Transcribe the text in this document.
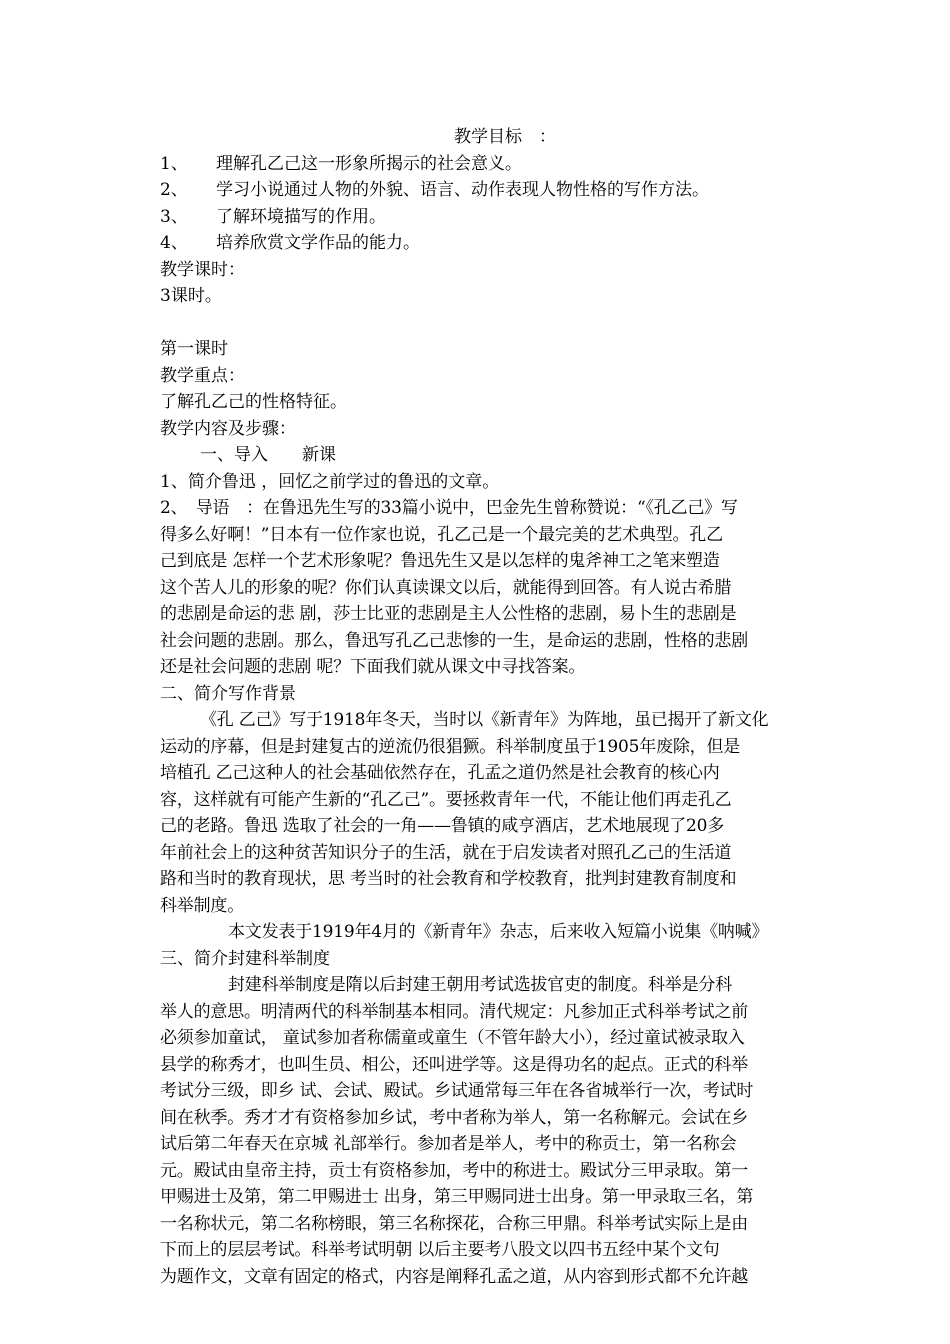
教学目标　：
1、 理解孔乙己这一形象所揭示的社会意义。
2、 学习小说通过人物的外貌、语言、动作表现人物性格的写作方法。
3、 了解环境描写的作用。
4、 培养欣赏文学作品的能力。
教学课时：
3课时。
第一课时
教学重点：
了解孔乙己的性格特征。
教学内容及步骤：
一、导入　　新课
1、简介鲁迅 ，回忆之前学过的鲁迅的文章。
2、　导语　：在鲁迅先生写的33篇小说中，巴金先生曾称赞说：“《孔乙己》写
得多么好啊！”日本有一位作家也说，孔乙己是一个最完美的艺术典型。孔乙
己到底是 怎样一个艺术形象呢？鲁迅先生又是以怎样的鬼斧神工之笔来塑造
这个苦人儿的形象的呢？你们认真读课文以后，就能得到回答。有人说古希腊
的悲剧是命运的悲 剧，莎士比亚的悲剧是主人公性格的悲剧，易卜生的悲剧是
社会问题的悲剧。那么，鲁迅写孔乙己悲惨的一生，是命运的悲剧，性格的悲剧
还是社会问题的悲剧 呢？下面我们就从课文中寻找答案。
二、简介写作背景
《孔 乙己》写于1918年冬天，当时以《新青年》为阵地，虽已揭开了新文化
运动的序幕，但是封建复古的逆流仍很猖獗。科举制度虽于1905年废除，但是
培植孔 乙己这种人的社会基础依然存在，孔孟之道仍然是社会教育的核心内
容，这样就有可能产生新的“孔乙己”。要拯救青年一代，不能让他们再走孔乙
己的老路。鲁迅 选取了社会的一角——鲁镇的咸亨酒店，艺术地展现了20多
年前社会上的这种贫苦知识分子的生活，就在于启发读者对照孔乙己的生活道
路和当时的教育现状，思 考当时的社会教育和学校教育，批判封建教育制度和
科举制度。
本文发表于1919年4月的《新青年》杂志，后来收入短篇小说集《呐喊》
三、简介封建科举制度
封建科举制度是隋以后封建王朝用考试选拔官吏的制度。科举是分科
举人的意思。明清两代的科举制基本相同。清代规定：凡参加正式科举考试之前
必须参加童试， 童试参加者称儒童或童生（不管年龄大小），经过童试被录取入
县学的称秀才，也叫生员、相公，还叫进学等。这是得功名的起点。正式的科举
考试分三级，即乡 试、会试、殿试。乡试通常每三年在各省城举行一次，考试时
间在秋季。秀才才有资格参加乡试，考中者称为举人，第一名称解元。会试在乡
试后第二年春天在京城 礼部举行。参加者是举人，考中的称贡士，第一名称会
元。殿试由皇帝主持，贡士有资格参加，考中的称进士。殿试分三甲录取。第一
甲赐进士及第，第二甲赐进士 出身，第三甲赐同进士出身。第一甲录取三名，第
一名称状元，第二名称榜眼，第三名称探花，合称三甲鼎。科举考试实际上是由
下而上的层层考试。科举考试明朝 以后主要考八股文以四书五经中某个文句
为题作文，文章有固定的格式，内容是阐释孔孟之道，从内容到形式都不允许越
